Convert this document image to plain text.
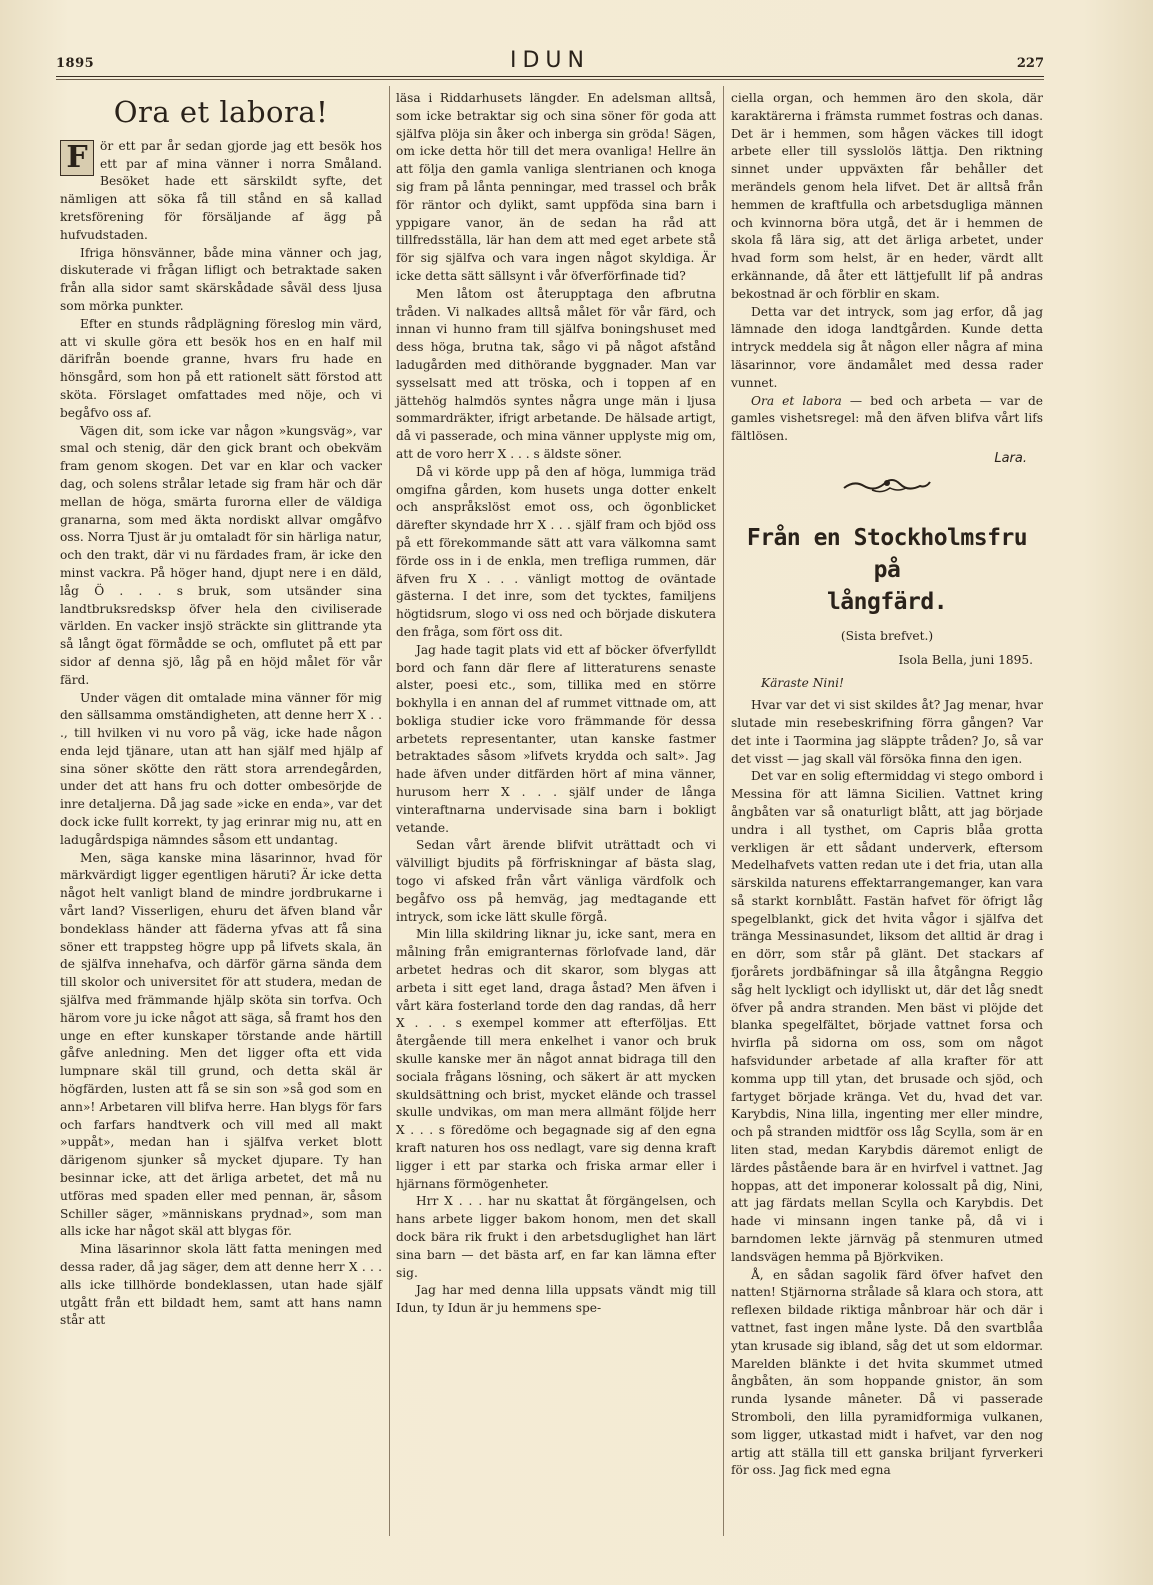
1895	IDUN	227
Ora et labora!

F	ör ett par år sedan gjorde jag ett besök hos ett par af mina vänner i norra Småland. Besöket hade ett särskildt syfte, det nämligen att söka få till stånd en så kallad kretsförening för försäljande af ägg på hufvudstaden.

Ifriga hönsvänner, både mina vänner och jag, diskuterade vi frågan lifligt och betraktade saken från alla sidor samt skärskådade såväl dess ljusa som mörka punkter.

Efter en stunds rådplägning föreslog min värd, att vi skulle göra ett besök hos en en half mil därifrån boende granne, hvars fru hade en hönsgård, som hon på ett rationelt sätt förstod att sköta. Förslaget omfattades med nöje, och vi begåfvo oss af.

Vägen dit, som icke var någon »kungsväg», var smal och stenig, där den gick brant och obekväm fram genom skogen. Det var en klar och vacker dag, och solens strålar letade sig fram här och där mellan de höga, smärta furorna eller de väldiga granarna, som med äkta nordiskt allvar omgåfvo oss. Norra Tjust är ju omtaladt för sin härliga natur, och den trakt, där vi nu färdades fram, är icke den minst vackra. På höger hand, djupt nere i en däld, låg Ö . . . s bruk, som utsänder sina landtbruksredsksp öfver hela den civiliserade världen. En vacker insjö sträckte sin glittrande yta så långt ögat förmådde se och, omflutet på ett par sidor af denna sjö, låg på en höjd målet för vår färd.

Under vägen dit omtalade mina vänner för mig den sällsamma omständigheten, att denne herr X . . ., till hvilken vi nu voro på väg, icke hade någon enda lejd tjänare, utan att han själf med hjälp af sina söner skötte den rätt stora arrendegården, under det att hans fru och dotter ombesörjde de inre detaljerna. Då jag sade »icke en enda», var det dock icke fullt korrekt, ty jag erinrar mig nu, att en ladugårdspiga nämndes såsom ett undantag.

Men, säga kanske mina läsarinnor, hvad för märkvärdigt ligger egentligen häruti? Är icke detta något helt vanligt bland de mindre jordbrukarne i vårt land? Visserligen, ehuru det äfven bland vår bondeklass händer att fäderna yfvas att få sina söner ett trappsteg högre upp på lifvets skala, än de själfva innehafva, och därför gärna sända dem till skolor och universitet för att studera, medan de själfva med främmande hjälp sköta sin torfva. Och härom vore ju icke något att säga, så framt hos den unge en efter kunskaper törstande ande härtill gåfve anledning. Men det ligger ofta ett vida lumpnare skäl till grund, och detta skäl är högfärden, lusten att få se sin son »så god som en ann»! Arbetaren vill blifva herre. Han blygs för fars och farfars handtverk och vill med all makt »uppåt», medan han i själfva verket blott därigenom sjunker så mycket djupare. Ty han besinnar icke, att det ärliga arbetet, det må nu utföras med spaden eller med pennan, är, såsom Schiller säger, »människans prydnad», som man alls icke har något skäl att blygas för.

Mina läsarinnor skola lätt fatta meningen med dessa rader, då jag säger, dem att denne herr X . . . alls icke tillhörde bondeklassen, utan hade själf utgått från ett bildadt hem, samt att hans namn står att

läsa i Riddarhusets längder. En adelsman alltså, som icke betraktar sig och sina söner för goda att själfva plöja sin åker och inberga sin gröda! Sägen, om icke detta hör till det mera ovanliga! Hellre än att följa den gamla vanliga slentrianen och knoga sig fram på lånta penningar, med trassel och bråk för räntor och dylikt, samt uppföda sina barn i yppigare vanor, än de sedan ha råd att tillfredsställa, lär han dem att med eget arbete stå för sig själfva och vara ingen något skyldiga. Är icke detta sätt sällsynt i vår öfverförfinade tid?

Men låtom ost återupptaga den afbrutna tråden. Vi nalkades alltså målet för vår färd, och innan vi hunno fram till själfva boningshuset med dess höga, brutna tak, sågo vi på något afstånd ladugården med dithörande byggnader. Man var sysselsatt med att tröska, och i toppen af en jättehög halmdös syntes några unge män i ljusa sommardräkter, ifrigt arbetande. De hälsade artigt, då vi passerade, och mina vänner upplyste mig om, att de voro herr X . . . s äldste söner.

Då vi körde upp på den af höga, lummiga träd omgifna gården, kom husets unga dotter enkelt och anspråkslöst emot oss, och ögonblicket därefter skyndade hrr X . . . själf fram och bjöd oss på ett förekommande sätt att vara välkomna samt förde oss in i de enkla, men trefliga rummen, där äfven fru X . . . vänligt mottog de oväntade gästerna. I det inre, som det tycktes, familjens högtidsrum, slogo vi oss ned och började diskutera den fråga, som fört oss dit.

Jag hade tagit plats vid ett af böcker öfverfylldt bord och fann där flere af litteraturens senaste alster, poesi etc., som, tillika med en större bokhylla i en annan del af rummet vittnade om, att bokliga studier icke voro främmande för dessa arbetets representanter, utan kanske fastmer betraktades såsom »lifvets krydda och salt». Jag hade äfven under ditfärden hört af mina vänner, hurusom herr X . . . själf under de långa vinteraftnarna undervisade sina barn i bokligt vetande.

Sedan vårt ärende blifvit uträttadt och vi välvilligt bjudits på förfriskningar af bästa slag, togo vi afsked från vårt vänliga värdfolk och begåfvo oss på hemväg, jag medtagande ett intryck, som icke lätt skulle förgå.

Min lilla skildring liknar ju, icke sant, mera en målning från emigranternas förlofvade land, där arbetet hedras och dit skaror, som blygas att arbeta i sitt eget land, draga åstad? Men äfven i vårt kära fosterland torde den dag randas, då herr X . . . s exempel kommer att efterföljas. Ett återgående till mera enkelhet i vanor och bruk skulle kanske mer än något annat bidraga till den sociala frågans lösning, och säkert är att mycken skuldsättning och brist, mycket elände och trassel skulle undvikas, om man mera allmänt följde herr X . . . s föredöme och begagnade sig af den egna kraft naturen hos oss nedlagt, vare sig denna kraft ligger i ett par starka och friska armar eller i hjärnans förmögenheter.

Hrr X . . . har nu skattat åt förgängelsen, och hans arbete ligger bakom honom, men det skall dock bära rik frukt i den arbetsduglighet han lärt sina barn — det bästa arf, en far kan lämna efter sig.

Jag har med denna lilla uppsats vändt mig till Idun, ty Idun är ju hemmens spe-

ciella organ, och hemmen äro den skola, där karaktärerna i främsta rummet fostras och danas. Det är i hemmen, som hågen väckes till idogt arbete eller till sysslolös lättja. Den riktning sinnet under uppväxten får behåller det merändels genom hela lifvet. Det är alltså från hemmen de kraftfulla och arbetsdugliga männen och kvinnorna böra utgå, det är i hemmen de skola få lära sig, att det ärliga arbetet, under hvad form som helst, är en heder, värdt allt erkännande, då åter ett lättjefullt lif på andras bekostnad är och förblir en skam.

Detta var det intryck, som jag erfor, då jag lämnade den idoga landtgården. Kunde detta intryck meddela sig åt någon eller några af mina läsarinnor, vore ändamålet med dessa rader vunnet.

Ora et labora — bed och arbeta — var de gamles vishetsregel: må den äfven blifva vårt lifs fältlösen.

Lara.
Från en Stockholmsfru på
långfärd.
(Sista brefvet.)
Isola Bella, juni 1895.
Käraste Nini!

Hvar var det vi sist skildes åt? Jag menar, hvar slutade min resebeskrifning förra gången? Var det inte i Taormina jag släppte tråden? Jo, så var det visst — jag skall väl försöka finna den igen.

Det var en solig eftermiddag vi stego ombord i Messina för att lämna Sicilien. Vattnet kring ångbåten var så onaturligt blått, att jag började undra i all tysthet, om Capris blåa grotta verkligen är ett sådant underverk, eftersom Medelhafvets vatten redan ute i det fria, utan alla särskilda naturens effektarrangemanger, kan vara så starkt kornblått. Fastän hafvet för öfrigt låg spegelblankt, gick det hvita vågor i själfva det tränga Messinasundet, liksom det alltid är drag i en dörr, som står på glänt. Det stackars af fjorårets jordbäfningar så illa åtgångna Reggio såg helt lyckligt och idylliskt ut, där det låg snedt öfver på andra stranden. Men bäst vi plöjde det blanka spegelfältet, började vattnet forsa och hvirfla på sidorna om oss, som om något hafsvidunder arbetade af alla krafter för att komma upp till ytan, det brusade och sjöd, och fartyget började kränga. Vet du, hvad det var. Karybdis, Nina lilla, ingenting mer eller mindre, och på stranden midtför oss låg Scylla, som är en liten stad, medan Karybdis däremot enligt de lärdes påstående bara är en hvirfvel i vattnet. Jag hoppas, att det imponerar kolossalt på dig, Nini, att jag färdats mellan Scylla och Karybdis. Det hade vi minsann ingen tanke på, då vi i barndomen lekte järnväg på stenmuren utmed landsvägen hemma på Björkviken.

Å, en sådan sagolik färd öfver hafvet den natten! Stjärnorna strålade så klara och stora, att reflexen bildade riktiga månbroar här och där i vattnet, fast ingen måne lyste. Då den svartblåa ytan krusade sig ibland, såg det ut som eldormar. Marelden blänkte i det hvita skummet utmed ångbåten, än som hoppande gnistor, än som runda lysande mâneter. Då vi passerade Stromboli, den lilla pyramidformiga vulkanen, som ligger, utkastad midt i hafvet, var den nog artig att ställa till ett ganska briljant fyrverkeri för oss. Jag fick med egna
